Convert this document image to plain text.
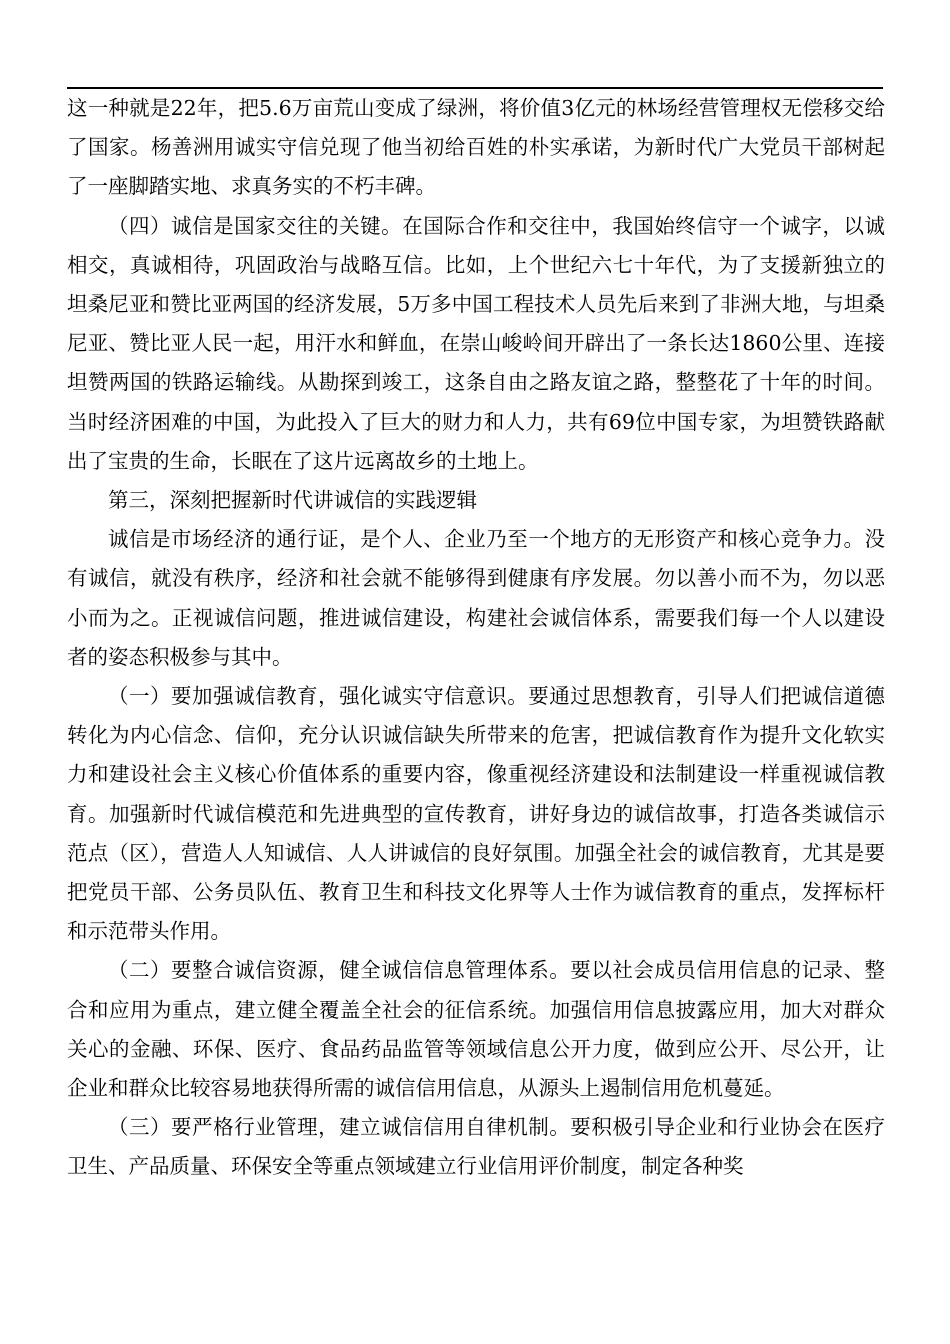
这一种就是22年，把5.6万亩荒山变成了绿洲，将价值3亿元的林场经营管理权无偿移交给了国家。杨善洲用诚实守信兑现了他当初给百姓的朴实承诺，为新时代广大党员干部树起了一座脚踏实地、求真务实的不朽丰碑。

（四）诚信是国家交往的关键。在国际合作和交往中，我国始终信守一个诚字，以诚相交，真诚相待，巩固政治与战略互信。比如，上个世纪六七十年代，为了支援新独立的坦桑尼亚和赞比亚两国的经济发展，5万多中国工程技术人员先后来到了非洲大地，与坦桑尼亚、赞比亚人民一起，用汗水和鲜血，在崇山峻岭间开辟出了一条长达1860公里、连接坦赞两国的铁路运输线。从勘探到竣工，这条自由之路友谊之路，整整花了十年的时间。当时经济困难的中国，为此投入了巨大的财力和人力，共有69位中国专家，为坦赞铁路献出了宝贵的生命，长眠在了这片远离故乡的土地上。

第三，深刻把握新时代讲诚信的实践逻辑

诚信是市场经济的通行证，是个人、企业乃至一个地方的无形资产和核心竞争力。没有诚信，就没有秩序，经济和社会就不能够得到健康有序发展。勿以善小而不为，勿以恶小而为之。正视诚信问题，推进诚信建设，构建社会诚信体系，需要我们每一个人以建设者的姿态积极参与其中。

（一）要加强诚信教育，强化诚实守信意识。要通过思想教育，引导人们把诚信道德转化为内心信念、信仰，充分认识诚信缺失所带来的危害，把诚信教育作为提升文化软实力和建设社会主义核心价值体系的重要内容，像重视经济建设和法制建设一样重视诚信教育。加强新时代诚信模范和先进典型的宣传教育，讲好身边的诚信故事，打造各类诚信示范点（区），营造人人知诚信、人人讲诚信的良好氛围。加强全社会的诚信教育，尤其是要把党员干部、公务员队伍、教育卫生和科技文化界等人士作为诚信教育的重点，发挥标杆和示范带头作用。

（二）要整合诚信资源，健全诚信信息管理体系。要以社会成员信用信息的记录、整合和应用为重点，建立健全覆盖全社会的征信系统。加强信用信息披露应用，加大对群众关心的金融、环保、医疗、食品药品监管等领域信息公开力度，做到应公开、尽公开，让企业和群众比较容易地获得所需的诚信信用信息，从源头上遏制信用危机蔓延。

（三）要严格行业管理，建立诚信信用自律机制。要积极引导企业和行业协会在医疗卫生、产品质量、环保安全等重点领域建立行业信用评价制度，制定各种奖
